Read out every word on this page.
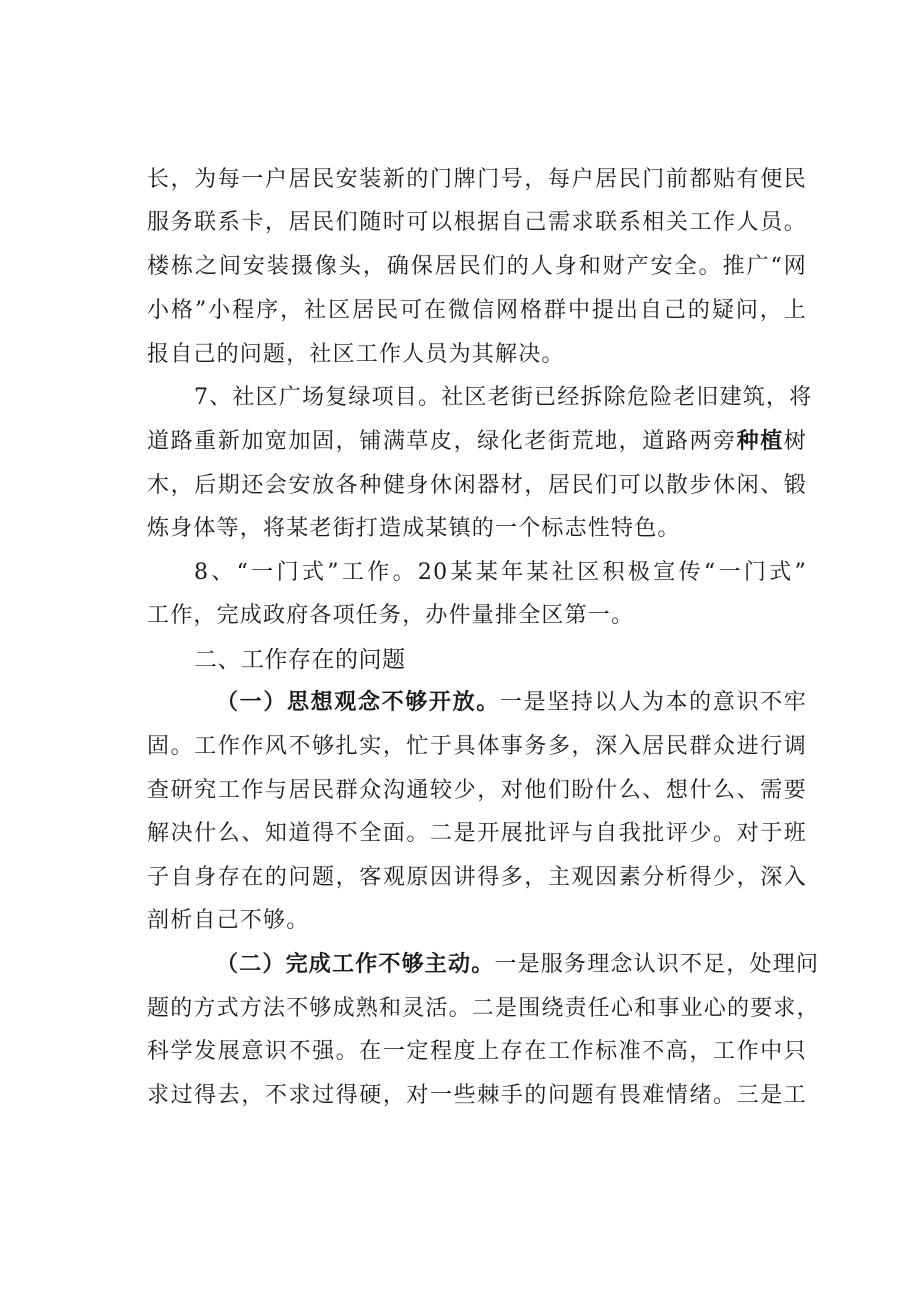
长，为每一户居民安装新的门牌门号，每户居民门前都贴有便民
服务联系卡，居民们随时可以根据自己需求联系相关工作人员。
楼栋之间安装摄像头，确保居民们的人身和财产安全。推广“网
小格”小程序，社区居民可在微信网格群中提出自己的疑问，上
报自己的问题，社区工作人员为其解决。
7、社区广场复绿项目。社区老街已经拆除危险老旧建筑，将
道路重新加宽加固，铺满草皮，绿化老街荒地，道路两旁种植树
木，后期还会安放各种健身休闲器材，居民们可以散步休闲、锻
炼身体等，将某老街打造成某镇的一个标志性特色。
8、“一门式”工作。20某某年某社区积极宣传“一门式”
工作，完成政府各项任务，办件量排全区第一。
二、工作存在的问题
（一）思想观念不够开放。一是坚持以人为本的意识不牢
固。工作作风不够扎实，忙于具体事务多，深入居民群众进行调
查研究工作与居民群众沟通较少，对他们盼什么、想什么、需要
解决什么、知道得不全面。二是开展批评与自我批评少。对于班
子自身存在的问题，客观原因讲得多，主观因素分析得少，深入
剖析自己不够。
（二）完成工作不够主动。一是服务理念认识不足，处理问
题的方式方法不够成熟和灵活。二是围绕责任心和事业心的要求，
科学发展意识不强。在一定程度上存在工作标准不高，工作中只
求过得去，不求过得硬，对一些棘手的问题有畏难情绪。三是工
